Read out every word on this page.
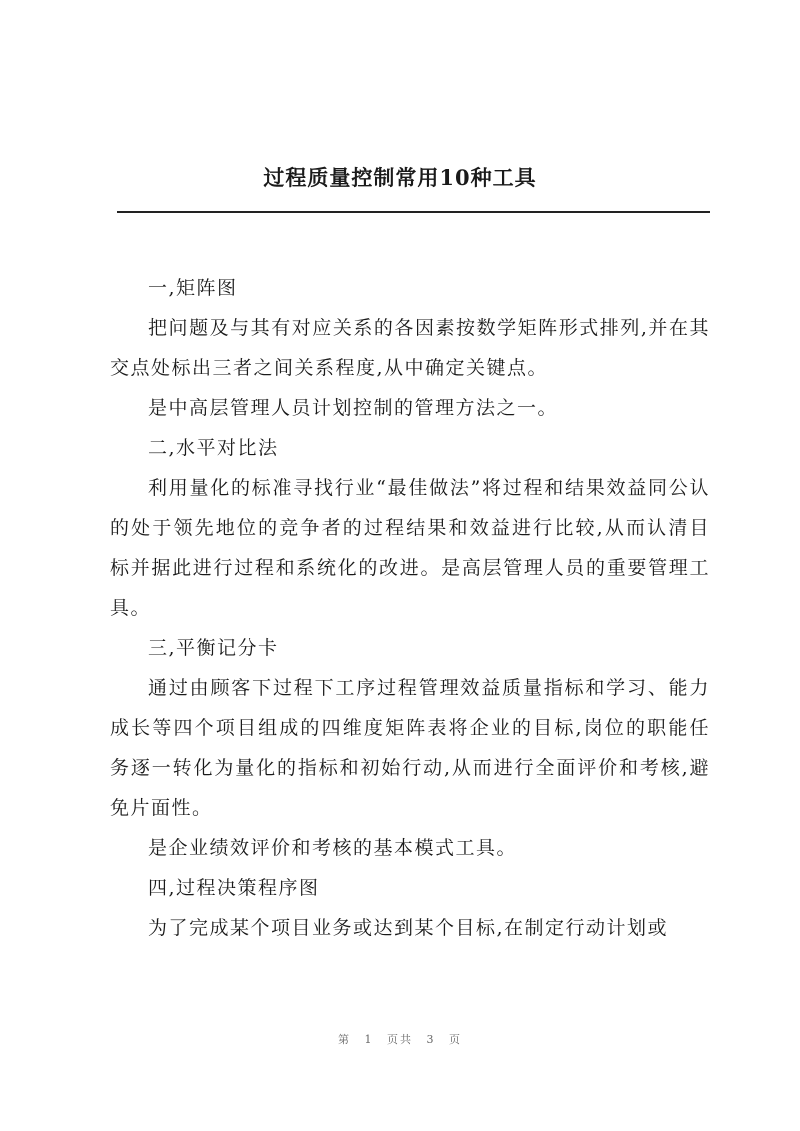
过程质量控制常用10种工具

一,矩阵图

把问题及与其有对应关系的各因素按数学矩阵形式排列,并在其交点处标出三者之间关系程度,从中确定关键点。

是中高层管理人员计划控制的管理方法之一。

二,水平对比法

利用量化的标准寻找行业“最佳做法”将过程和结果效益同公认的处于领先地位的竞争者的过程结果和效益进行比较,从而认清目标并据此进行过程和系统化的改进。是高层管理人员的重要管理工具。

三,平衡记分卡

通过由顾客下过程下工序过程管理效益质量指标和学习、能力成长等四个项目组成的四维度矩阵表将企业的目标,岗位的职能任务逐一转化为量化的指标和初始行动,从而进行全面评价和考核,避免片面性。

是企业绩效评价和考核的基本模式工具。

四,过程决策程序图

为了完成某个项目业务或达到某个目标,在制定行动计划或

第 1 页共 3 页
